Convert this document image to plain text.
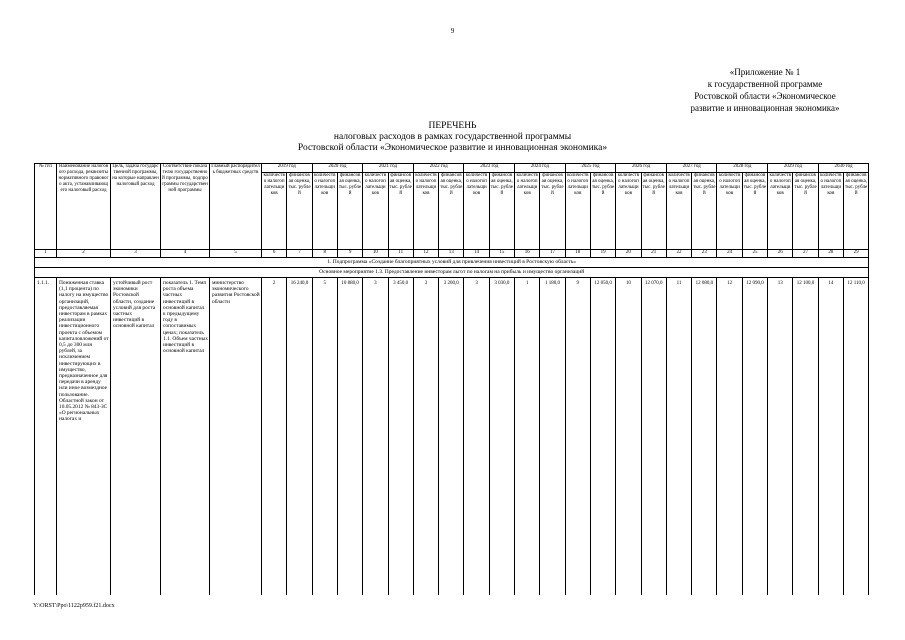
9
«Приложение № 1
к государственной программе
Ростовской области «Экономическое
развитие и инновационная экономика»
ПЕРЕЧЕНЬ
налоговых расходов в рамках государственной программы
Ростовской области «Экономическое развитие и инновационная экономика»
№ п/п	Наименование налогового расхода, реквизиты нормативного правового акта, устанавливающего налоговый расход	Цель, задача государственной программы, на которые направлен налоговый расход	Соответствие показателю государственной программы, подпрограммы государственной программы	Главный распорядитель бюджетных средств	2019 год		2020 год		2021 год		2022 год		2023 год		2024 год		2025 год		2026 год		2027 год		2028 год		2029 год		2030 год	
					количество налогоплательщиков	финансовая оценка, тыс. рублей	количество налогоплательщиков	финансовая оценка, тыс. рублей	количество налогоплательщиков	финансовая оценка, тыс. рублей	количество налогоплательщиков	финансовая оценка, тыс. рублей	количество налогоплательщиков	финансовая оценка, тыс. рублей	количество налогоплательщиков	финансовая оценка, тыс. рублей	количество налогоплательщиков	финансовая оценка, тыс. рублей	количество налогоплательщиков	финансовая оценка, тыс. рублей	количество налогоплательщиков	финансовая оценка, тыс. рублей	количество налогоплательщиков	финансовая оценка, тыс. рублей	количество налогоплательщиков	финансовая оценка, тыс. рублей	количество налогоплательщиков	финансовая оценка, тыс. рублей
1	2	3	4	5	6	7	8	9	10	11	12	13	14	15	16	17	18	19	20	21	22	23	24	25	26	27	28	29
1. Подпрограмма «Создание благоприятных условий для привлечения инвестиций в Ростовскую область»																												
Основное мероприятие 1.3. Предоставление инвесторам льгот по налогам на прибыль и имущество организаций																												
1.1.1.	Пониженная ставка (1,1 процента) по налогу на имущество организаций, предоставляемая инвесторам в рамках реализации инвестиционного проекта с объемом капиталовложений от 0,5 до 300 млн рублей, за исключением инвестирующих в имущество, предназначенное для передачи в аренду или иное возмездное пользование. Областной закон от 10.05.2012 № 843-ЗС «О региональных налогах и	устойчивый рост экономики Ростовской области, создание условий для роста частных инвестиций в основной капитал	показатель 1. Темп роста объема частных инвестиций в основной капитал к предыдущему году в сопоставимых ценах; показатель 1.1. Объем частных инвестиций в основной капитал	министерство экономического развития Ростовской области	2	16 240,0	5	10 880,0	3	3 450,0	3	3 200,0	3	3 030,0	1	1 180,0	9	12 050,0	10	12 070,0	11	12 080,0	12	12 090,0	13	12 100,0	14	12 110,0
Y:\ORST\Ppo\1122p959.f21.docx
